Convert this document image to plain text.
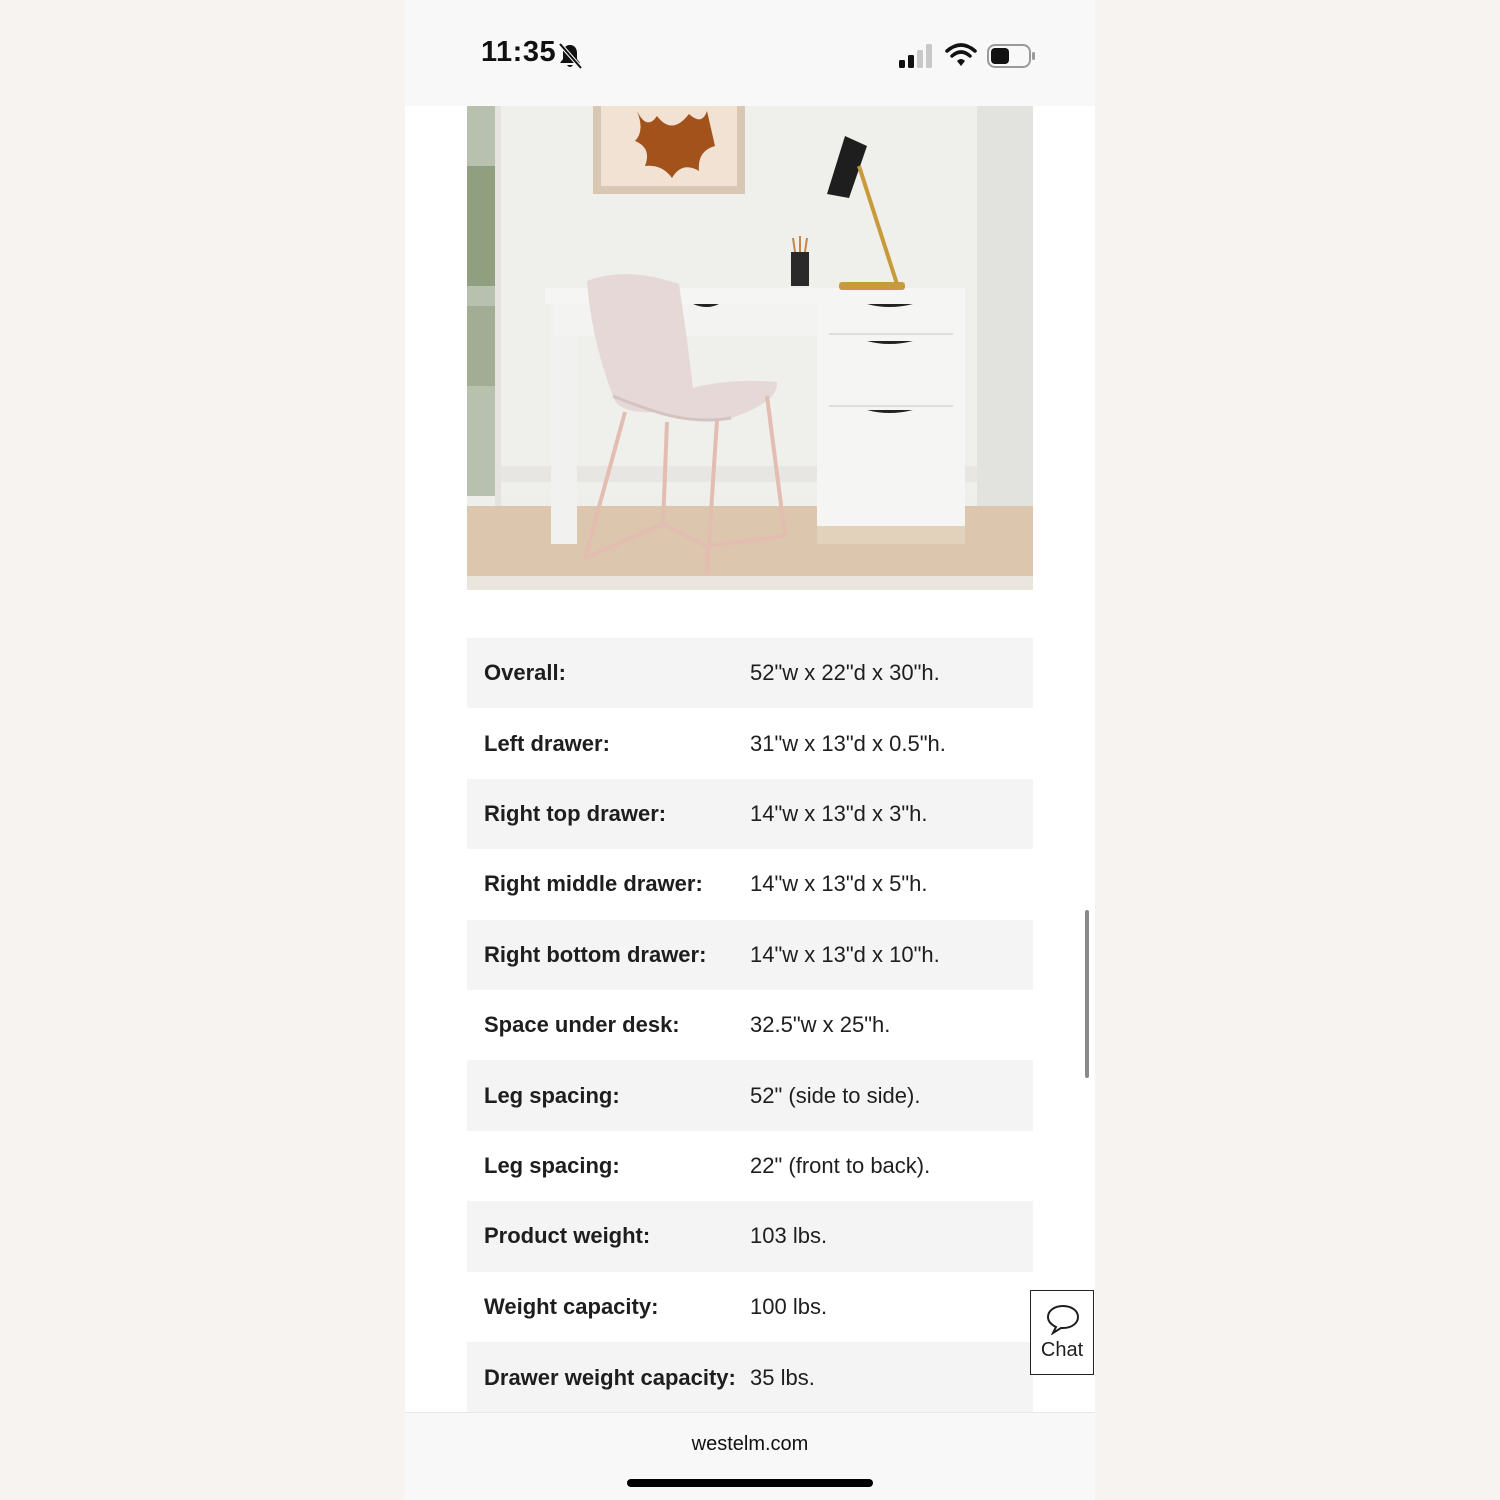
11:35
Overall:	52"w x 22"d x 30"h.
Left drawer:	31"w x 13"d x 0.5"h.
Right top drawer:	14"w x 13"d x 3"h.
Right middle drawer:	14"w x 13"d x 5"h.
Right bottom drawer:	14"w x 13"d x 10"h.
Space under desk:	32.5"w x 25"h.
Leg spacing:	52" (side to side).
Leg spacing:	22" (front to back).
Product weight:	103 lbs.
Weight capacity:	100 lbs.
Drawer weight capacity:	35 lbs.
Chat
westelm.com
